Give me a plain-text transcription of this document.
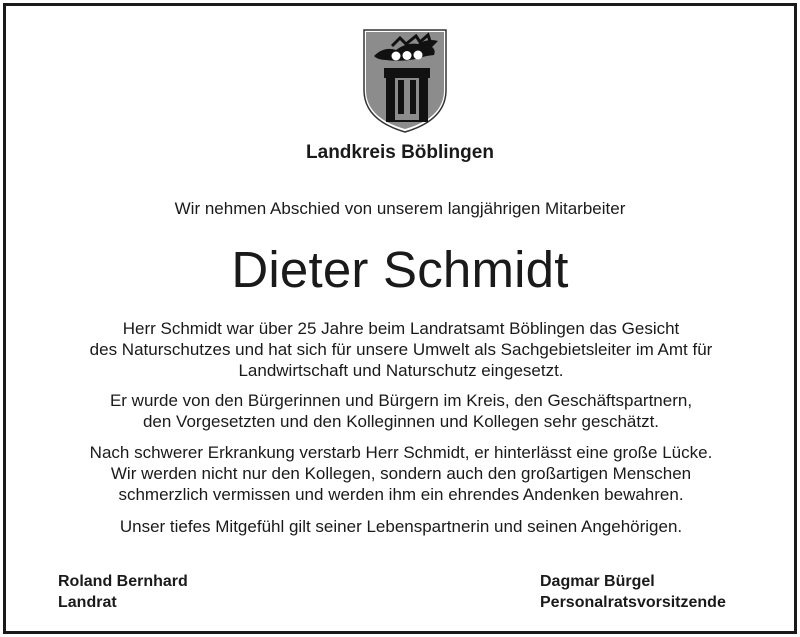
Landkreis Böblingen
Wir nehmen Abschied von unserem langjährigen Mitarbeiter
Dieter Schmidt
Herr Schmidt war über 25 Jahre beim Landratsamt Böblingen das Gesicht
des Naturschutzes und hat sich für unsere Umwelt als Sachgebietsleiter im Amt für
Landwirtschaft und Naturschutz eingesetzt.
Er wurde von den Bürgerinnen und Bürgern im Kreis, den Geschäftspartnern,
den Vorgesetzten und den Kolleginnen und Kollegen sehr geschätzt.
Nach schwerer Erkrankung verstarb Herr Schmidt, er hinterlässt eine große Lücke.
Wir werden nicht nur den Kollegen, sondern auch den großartigen Menschen
schmerzlich vermissen und werden ihm ein ehrendes Andenken bewahren.
Unser tiefes Mitgefühl gilt seiner Lebenspartnerin und seinen Angehörigen.
Roland Bernhard
Landrat
Dagmar Bürgel
Personalratsvorsitzende
